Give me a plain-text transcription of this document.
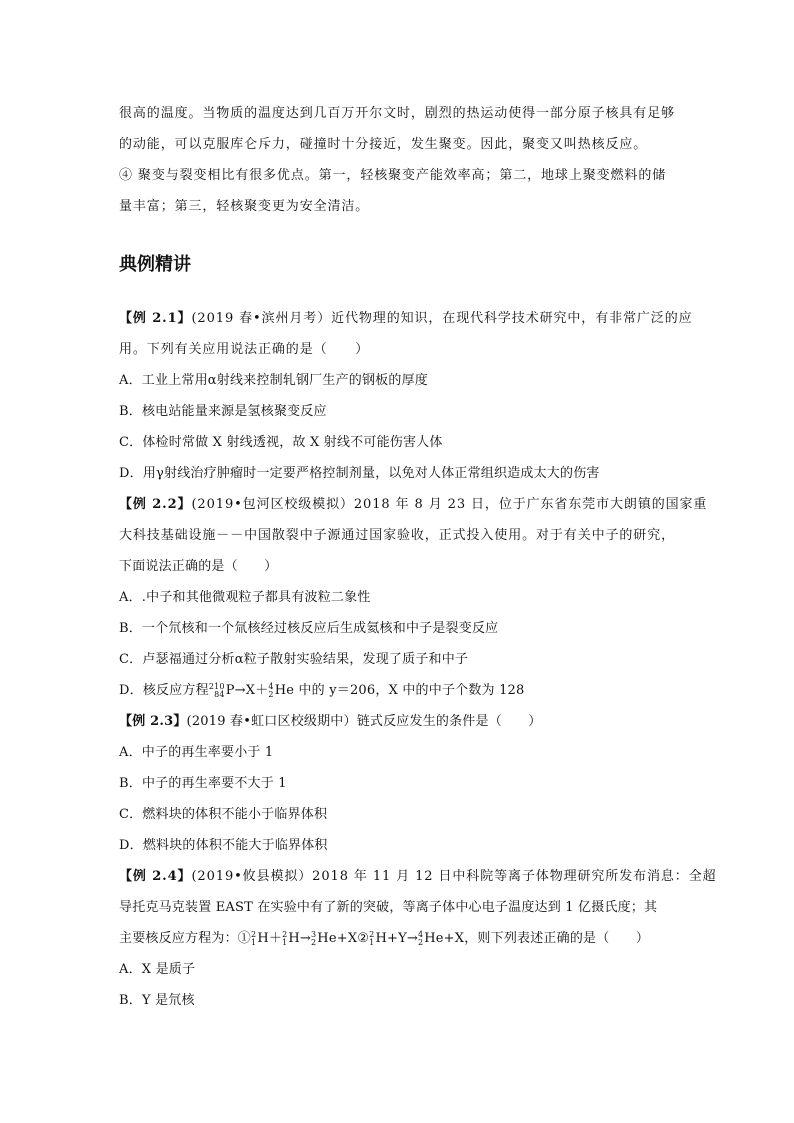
很高的温度。当物质的温度达到几百万开尔文时，剧烈的热运动使得一部分原子核具有足够
的动能，可以克服库仑斥力，碰撞时十分接近，发生聚变。因此，聚变又叫热核反应。
④ 聚变与裂变相比有很多优点。第一，轻核聚变产能效率高；第二，地球上聚变燃料的储
量丰富；第三，轻核聚变更为安全清洁。
典例精讲
【例 2.1】(2019 春•滨州月考）近代物理的知识，在现代科学技术研究中，有非常广泛的应
用。下列有关应用说法正确的是（　　）
A．工业上常用α射线来控制轧钢厂生产的钢板的厚度
B．核电站能量来源是氢核聚变反应
C．体检时常做 X 射线透视，故 X 射线不可能伤害人体
D．用γ射线治疗肿瘤时一定要严格控制剂量，以免对人体正常组织造成太大的伤害
【例 2.2】(2019•包河区校级模拟）2018 年 8 月 23 日，位于广东省东莞市大朗镇的国家重
大科技基础设施－－中国散裂中子源通过国家验收，正式投入使用。对于有关中子的研究，
下面说法正确的是（　　）
A．.中子和其他微观粒子都具有波粒二象性
B．一个氘核和一个氚核经过核反应后生成氦核和中子是裂变反应
C．卢瑟福通过分析α粒子散射实验结果，发现了质子和中子
D．核反应方程 210
84 P→X＋ 4
2 He 中的 y＝206，X 中的中子个数为 128
【例 2.3】(2019 春•虹口区校级期中）链式反应发生的条件是（　　）
A．中子的再生率要小于 1
B．中子的再生率要不大于 1
C．燃料块的体积不能小于临界体积
D．燃料块的体积不能大于临界体积
【例 2.4】(2019•攸县模拟）2018 年 11 月 12 日中科院等离子体物理研究所发布消息：全超
导托克马克装置 EAST 在实验中有了新的突破，等离子体中心电子温度达到 1 亿摄氏度；其
主要核反应方程为：① 2
1 H＋ 2
1 H→ 3
2 He+X② 2
1 H+Y→ 4
2 He+X，则下列表述正确的是（　　）
A．X 是质子
B．Y 是氘核
